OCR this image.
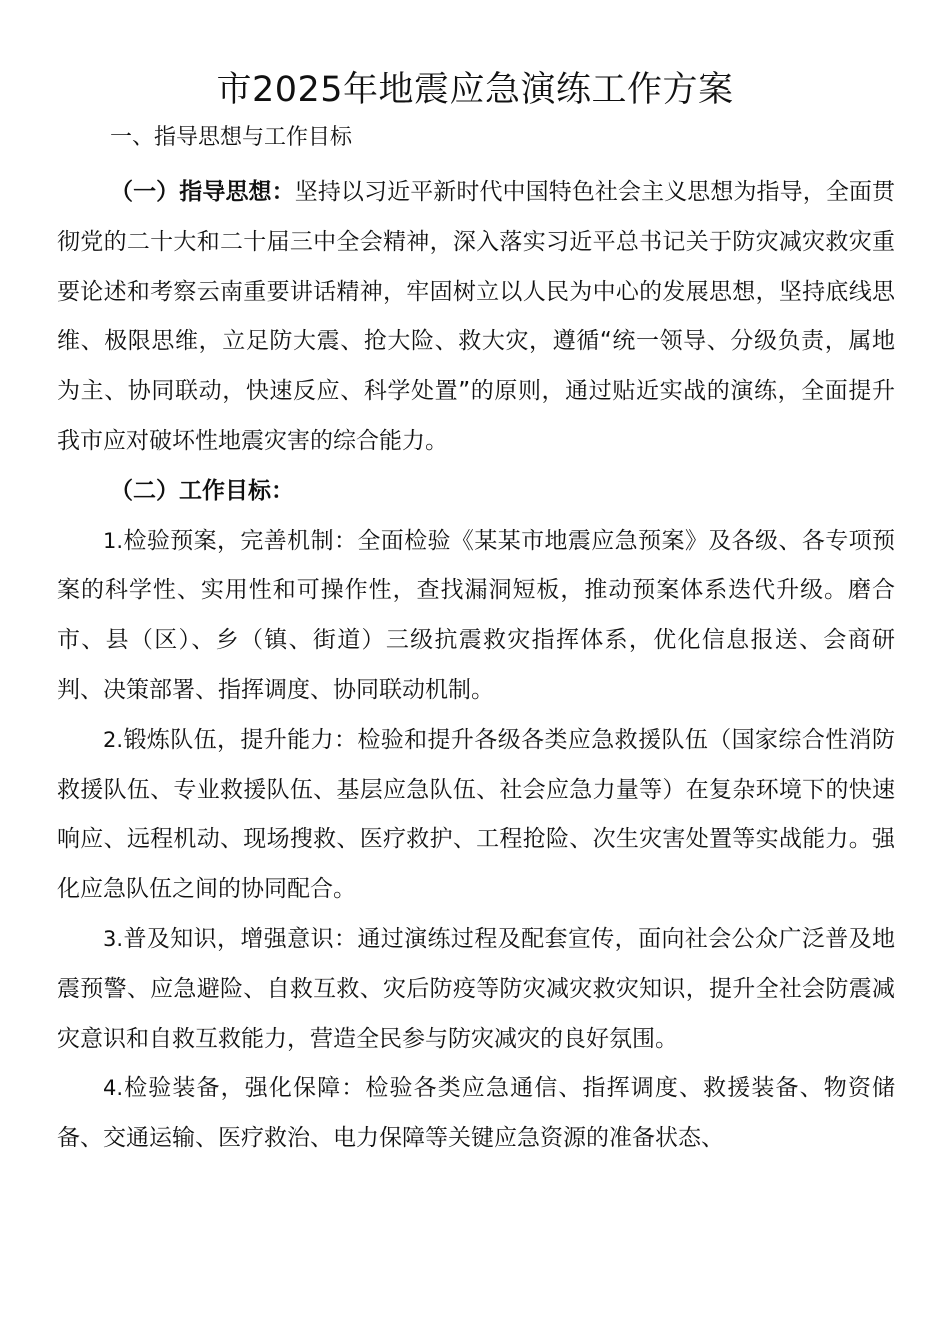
市2025年地震应急演练工作方案
一、指导思想与工作目标

（一）指导思想：坚持以习近平新时代中国特色社会主义思想为指导，全面贯彻党的二十大和二十届三中全会精神，深入落实习近平总书记关于防灾减灾救灾重要论述和考察云南重要讲话精神，牢固树立以人民为中心的发展思想，坚持底线思维、极限思维，立足防大震、抢大险、救大灾，遵循“统一领导、分级负责，属地为主、协同联动，快速反应、科学处置”的原则，通过贴近实战的演练，全面提升我市应对破坏性地震灾害的综合能力。

（二）工作目标：

1.检验预案，完善机制：全面检验《某某市地震应急预案》及各级、各专项预案的科学性、实用性和可操作性，查找漏洞短板，推动预案体系迭代升级。磨合市、县（区）、乡（镇、街道）三级抗震救灾指挥体系，优化信息报送、会商研判、决策部署、指挥调度、协同联动机制。

2.锻炼队伍，提升能力：检验和提升各级各类应急救援队伍（国家综合性消防救援队伍、专业救援队伍、基层应急队伍、社会应急力量等）在复杂环境下的快速响应、远程机动、现场搜救、医疗救护、工程抢险、次生灾害处置等实战能力。强化应急队伍之间的协同配合。

3.普及知识，增强意识：通过演练过程及配套宣传，面向社会公众广泛普及地震预警、应急避险、自救互救、灾后防疫等防灾减灾救灾知识，提升全社会防震减灾意识和自救互救能力，营造全民参与防灾减灾的良好氛围。

4.检验装备，强化保障：检验各类应急通信、指挥调度、救援装备、物资储备、交通运输、医疗救治、电力保障等关键应急资源的准备状态、
